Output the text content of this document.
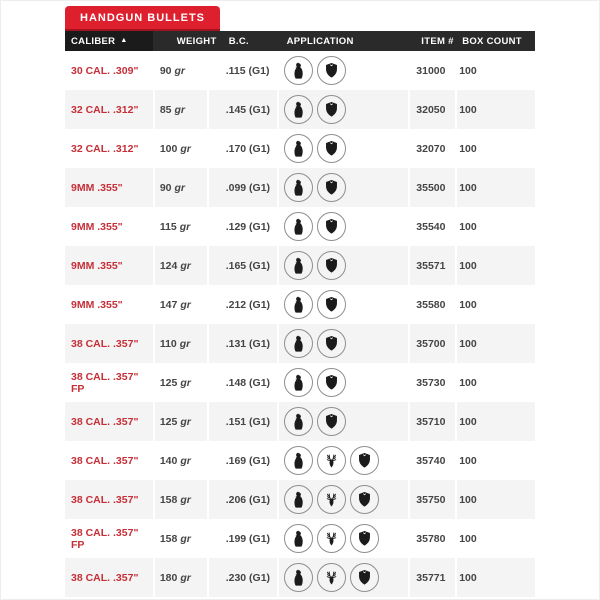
HANDGUN BULLETS
CALIBER ▲	WEIGHT B.C.	APPLICATION	ITEM # BOX COUNT
30 CAL. .309" 90 gr	.115 (G1)	31000 100
32 CAL. .312" 85 gr	.145 (G1)	32050 100
32 CAL. .312" 100 gr	.170 (G1)	32070 100
9MM .355"	90 gr	.099 (G1)	35500 100
9MM .355"	115 gr	.129 (G1)	35540 100
9MM .355"	124 gr	.165 (G1)	35571 100
9MM .355"	147 gr	.212 (G1)	35580 100
38 CAL. .357" 110 gr	.131 (G1)	35700 100
38 CAL. .357" FP	125 gr	.148 (G1)	35730 100
38 CAL. .357" 125 gr	.151 (G1)	35710 100
38 CAL. .357" 140 gr	.169 (G1)	35740 100
38 CAL. .357" 158 gr	.206 (G1)	35750 100
38 CAL. .357" FP	158 gr	.199 (G1)	35780 100
38 CAL. .357" 180 gr	.230 (G1)	35771 100
